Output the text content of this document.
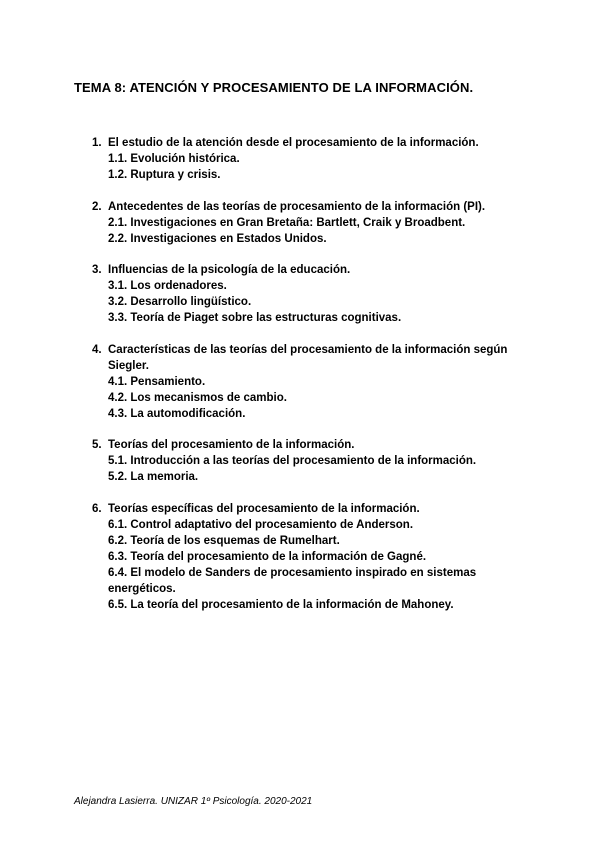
TEMA 8: ATENCIÓN Y PROCESAMIENTO DE LA INFORMACIÓN.
1. El estudio de la atención desde el procesamiento de la información.
1.1. Evolución histórica.
1.2. Ruptura y crisis.
2. Antecedentes de las teorías de procesamiento de la información (PI).
2.1. Investigaciones en Gran Bretaña: Bartlett, Craik y Broadbent.
2.2. Investigaciones en Estados Unidos.
3. Influencias de la psicología de la educación.
3.1. Los ordenadores.
3.2. Desarrollo lingüístico.
3.3. Teoría de Piaget sobre las estructuras cognitivas.
4. Características de las teorías del procesamiento de la información según Siegler.
4.1. Pensamiento.
4.2. Los mecanismos de cambio.
4.3. La automodificación.
5. Teorías del procesamiento de la información.
5.1. Introducción a las teorías del procesamiento de la información.
5.2. La memoria.
6. Teorías específicas del procesamiento de la información.
6.1. Control adaptativo del procesamiento de Anderson.
6.2. Teoría de los esquemas de Rumelhart.
6.3. Teoría del procesamiento de la información de Gagné.
6.4. El modelo de Sanders de procesamiento inspirado en sistemas energéticos.
6.5. La teoría del procesamiento de la información de Mahoney.
Alejandra Lasierra. UNIZAR 1º Psicología. 2020-2021
